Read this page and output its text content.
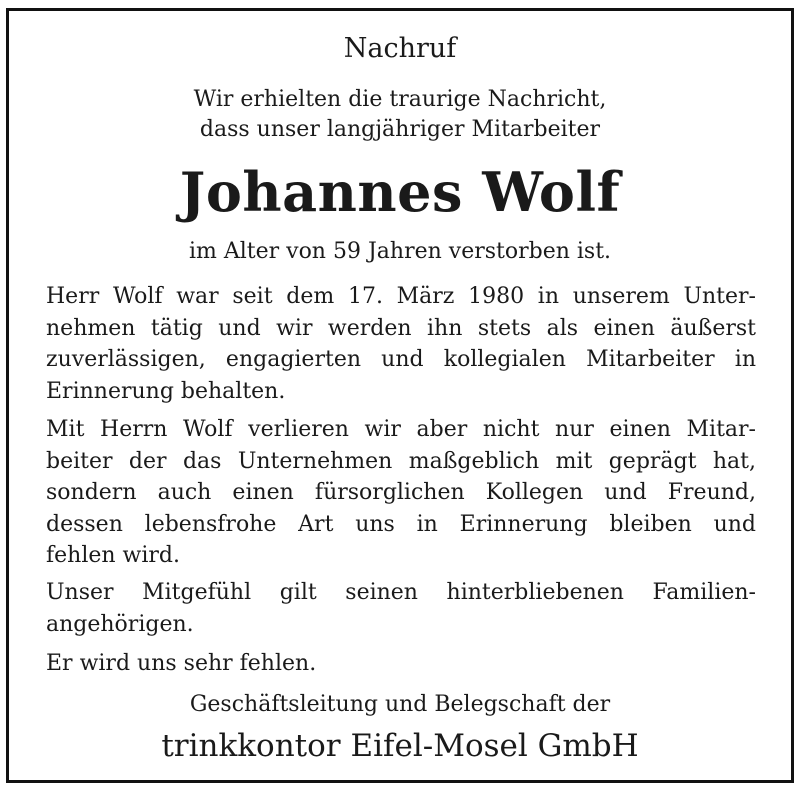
Nachruf
Wir erhielten die traurige Nachricht,
dass unser langjähriger Mitarbeiter
Johannes Wolf
im Alter von 59 Jahren verstorben ist.
Herr Wolf war seit dem 17. März 1980 in unserem Unter-
nehmen tätig und wir werden ihn stets als einen äußerst
zuverlässigen, engagierten und kollegialen Mitarbeiter in
Erinnerung behalten.
Mit Herrn Wolf verlieren wir aber nicht nur einen Mitar-
beiter der das Unternehmen maßgeblich mit geprägt hat,
sondern auch einen fürsorglichen Kollegen und Freund,
dessen lebensfrohe Art uns in Erinnerung bleiben und
fehlen wird.
Unser Mitgefühl gilt seinen hinterbliebenen Familien-
angehörigen.
Er wird uns sehr fehlen.
Geschäftsleitung und Belegschaft der
trinkkontor Eifel-Mosel GmbH
